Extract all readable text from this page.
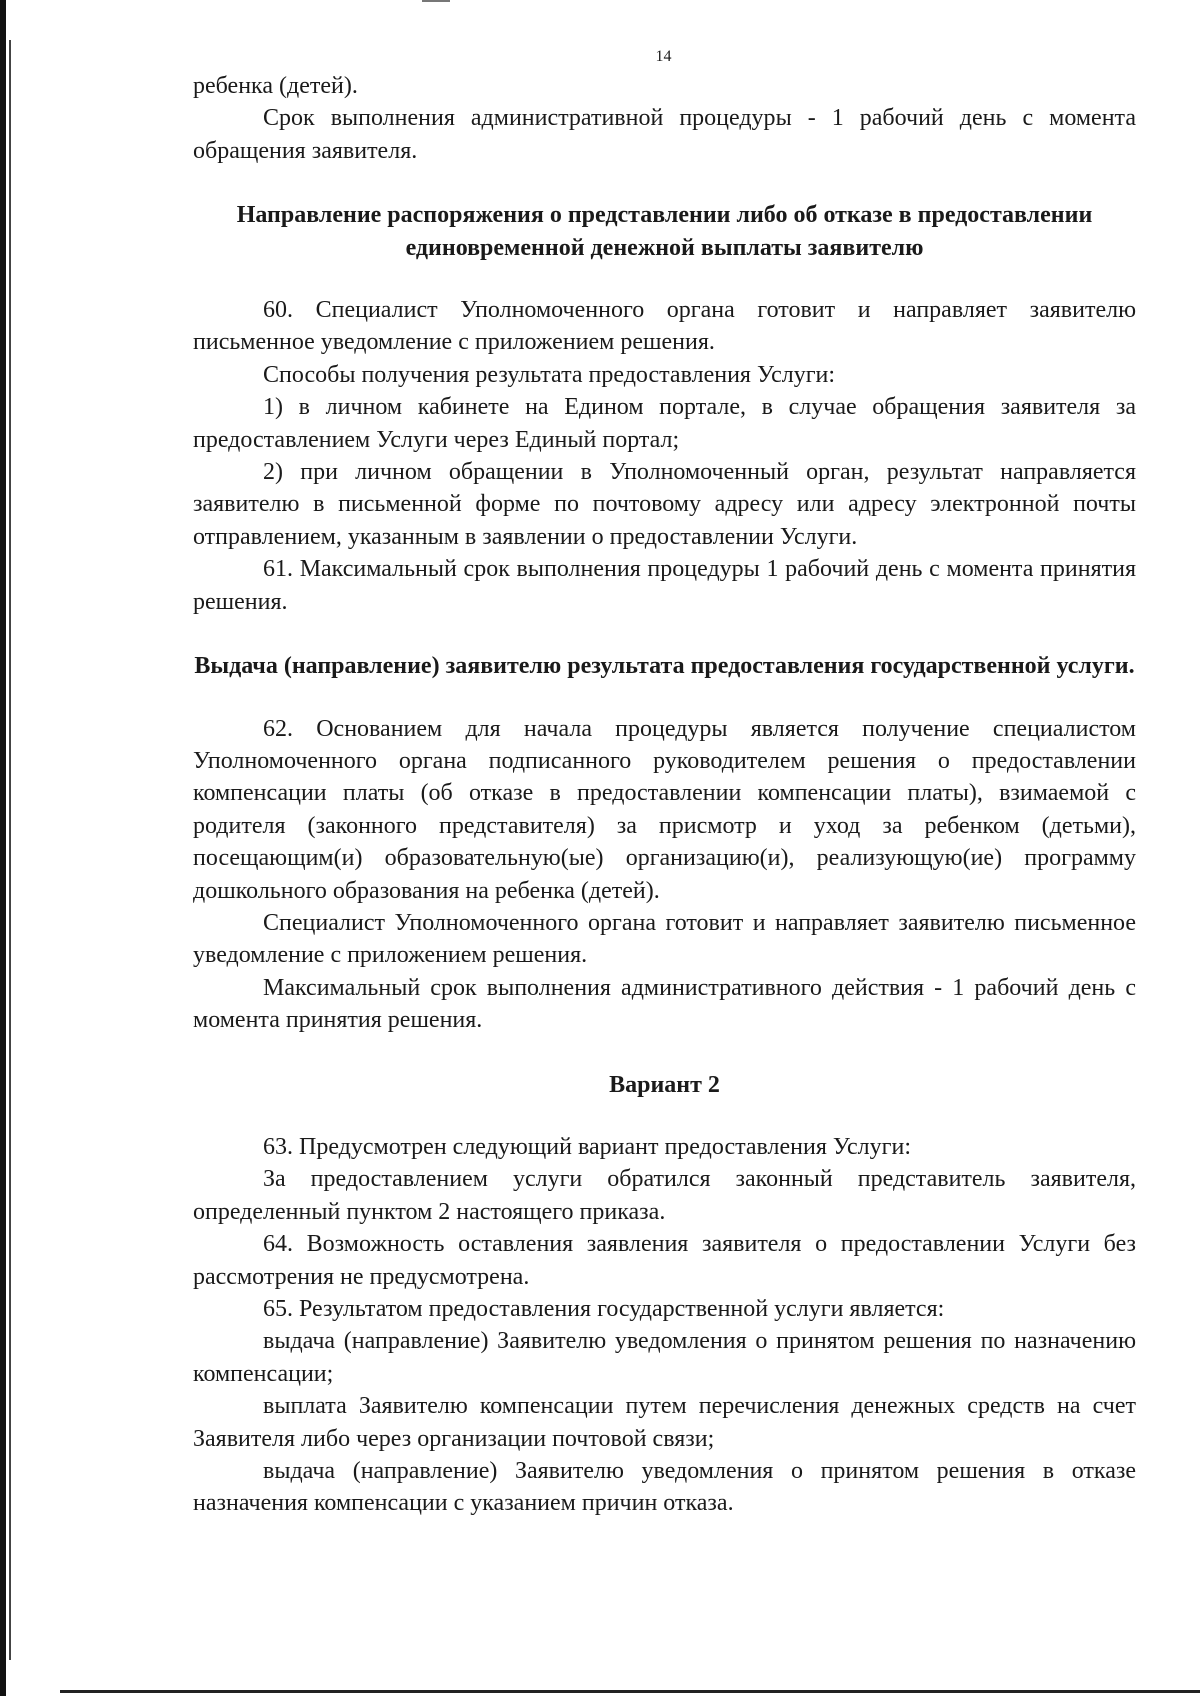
14

ребенка (детей).

Срок выполнения административной процедуры - 1 рабочий день с момента обращения заявителя.

Направление распоряжения о представлении либо об отказе в предоставлении единовременной денежной выплаты заявителю

60. Специалист Уполномоченного органа готовит и направляет заявителю письменное уведомление с приложением решения.

Способы получения результата предоставления Услуги:

1) в личном кабинете на Едином портале, в случае обращения заявителя за предоставлением Услуги через Единый портал;

2) при личном обращении в Уполномоченный орган, результат направляется заявителю в письменной форме по почтовому адресу или адресу электронной почты отправлением, указанным в заявлении о предоставлении Услуги.

61. Максимальный срок выполнения процедуры 1 рабочий день с момента принятия решения.

Выдача (направление) заявителю результата предоставления государственной услуги.

62. Основанием для начала процедуры является получение специалистом Уполномоченного органа подписанного руководителем решения о предоставлении компенсации платы (об отказе в предоставлении компенсации платы), взимаемой с родителя (законного представителя) за присмотр и уход за ребенком (детьми), посещающим(и) образовательную(ые) организацию(и), реализующую(ие) программу дошкольного образования на ребенка (детей).

Специалист Уполномоченного органа готовит и направляет заявителю письменное уведомление с приложением решения.

Максимальный срок выполнения административного действия - 1 рабочий день с момента принятия решения.

Вариант 2

63. Предусмотрен следующий вариант предоставления Услуги:

За предоставлением услуги обратился законный представитель заявителя, определенный пунктом 2 настоящего приказа.

64. Возможность оставления заявления заявителя о предоставлении Услуги без рассмотрения не предусмотрена.

65. Результатом предоставления государственной услуги является:

выдача (направление) Заявителю уведомления о принятом решения по назначению компенсации;

выплата Заявителю компенсации путем перечисления денежных средств на счет Заявителя либо через организации почтовой связи;

выдача (направление) Заявителю уведомления о принятом решения в отказе назначения компенсации с указанием причин отказа.
